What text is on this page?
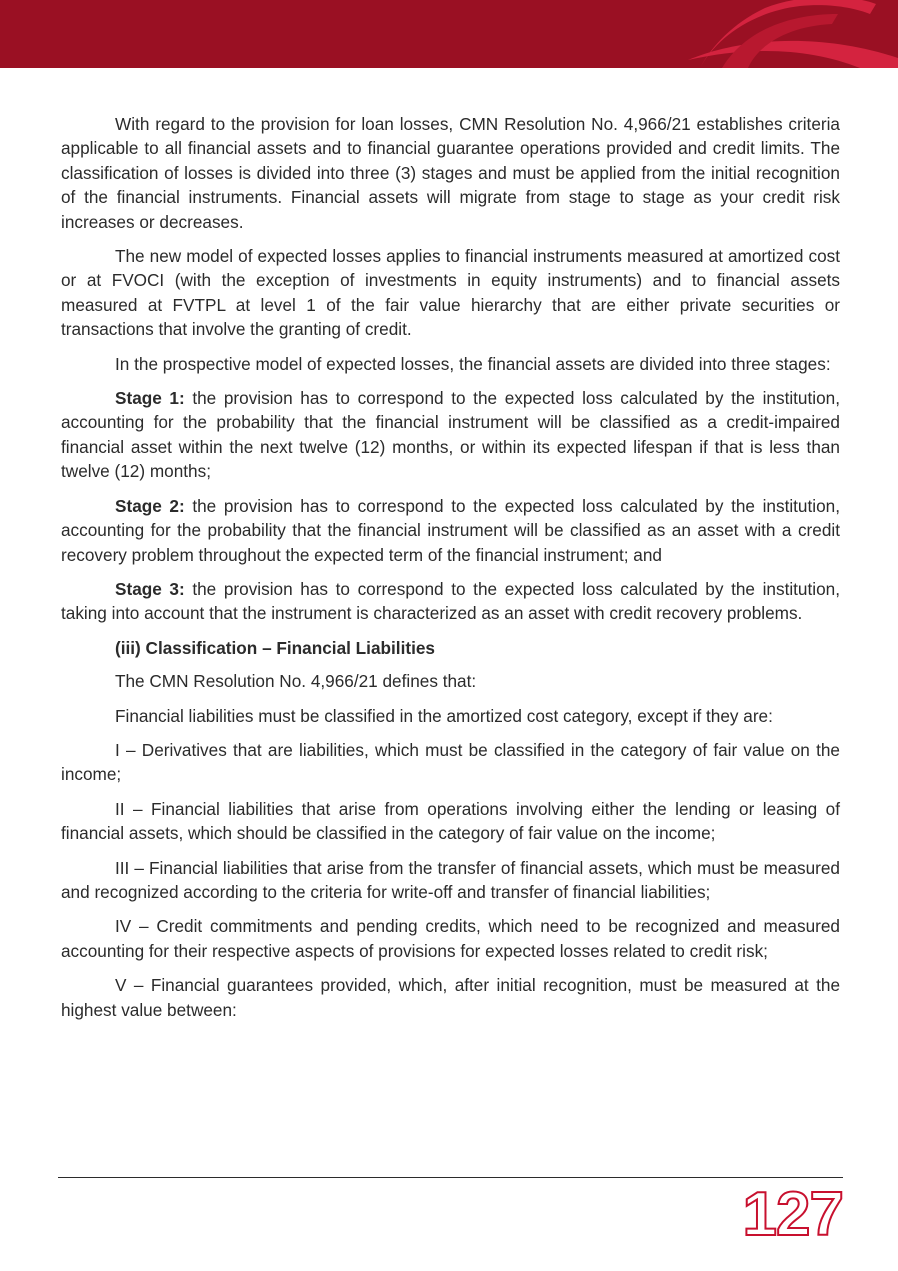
With regard to the provision for loan losses, CMN Resolution No. 4,966/21 establishes criteria applicable to all financial assets and to financial guarantee operations provided and credit limits. The classification of losses is divided into three (3) stages and must be applied from the initial recognition of the financial instruments. Financial assets will migrate from stage to stage as your credit risk increases or decreases.

The new model of expected losses applies to financial instruments measured at amortized cost or at FVOCI (with the exception of investments in equity instruments) and to financial assets measured at FVTPL at level 1 of the fair value hierarchy that are either private securities or transactions that involve the granting of credit.

In the prospective model of expected losses, the financial assets are divided into three stages:

Stage 1: the provision has to correspond to the expected loss calculated by the institution, accounting for the probability that the financial instrument will be classified as a credit-impaired financial asset within the next twelve (12) months, or within its expected lifespan if that is less than twelve (12) months;

Stage 2: the provision has to correspond to the expected loss calculated by the institution, accounting for the probability that the financial instrument will be classified as an asset with a credit recovery problem throughout the expected term of the financial instrument; and

Stage 3: the provision has to correspond to the expected loss calculated by the institution, taking into account that the instrument is characterized as an asset with credit recovery problems.

(iii) Classification – Financial Liabilities

The CMN Resolution No. 4,966/21 defines that:

Financial liabilities must be classified in the amortized cost category, except if they are:

I – Derivatives that are liabilities, which must be classified in the category of fair value on the income;

II – Financial liabilities that arise from operations involving either the lending or leasing of financial assets, which should be classified in the category of fair value on the income;

III – Financial liabilities that arise from the transfer of financial assets, which must be measured and recognized according to the criteria for write-off and transfer of financial liabilities;

IV – Credit commitments and pending credits, which need to be recognized and measured accounting for their respective aspects of provisions for expected losses related to credit risk;

V – Financial guarantees provided, which, after initial recognition, must be measured at the highest value between:

127
